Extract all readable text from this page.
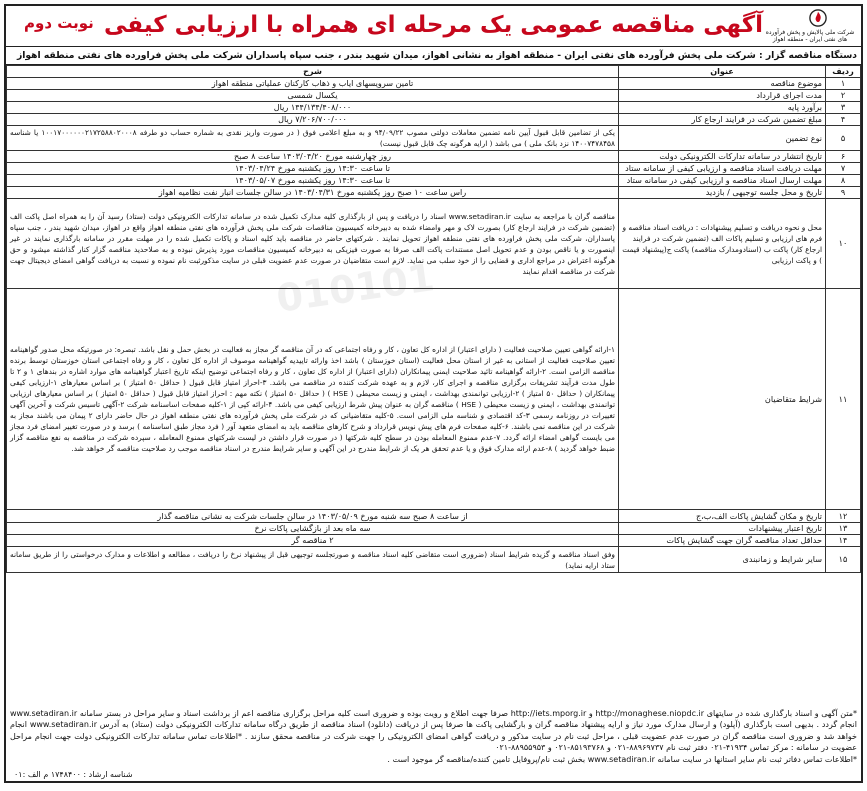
شرکت ملی پالایش و پخش فرآورده های نفتی ایران - منطقه اهواز
آگهی مناقصه عمومی یک مرحله ای همراه با ارزیابی کیفی
نوبت دوم
دستگاه مناقصه گزار : شرکت ملی پخش فرآورده های نفتی ایران - منطقه اهواز به نشانی اهواز، میدان شهید بندر ، جنب سپاه پاسداران شرکت ملی پخش فراورده های نفتی منطقه اهواز
010101
ردیف	عنوان	شرح
۱	موضوع مناقصه	تامین سرویسهای ایاب و ذهاب کارکنان عملیاتی منطقه اهواز
۲	مدت اجرای قرارداد	یکسال شمسی
۳	برآورد پایه	۱۴۴/۱۳۴/۴۰۸/۰۰۰ ریال
۴	مبلغ تضمین شرکت در فرایند ارجاع کار	۷/۲۰۶/۷۰۰/۰۰۰ ریال
۵	نوع تضمین	یکی از تضامین قابل قبول آیین نامه تضمین معاملات دولتی مصوب ۹۴/۰۹/۲۲ و به مبلغ اعلامی فوق ( در صورت واریز نقدی به شماره حساب دو طرفه ۱۰۰۱۷۰۰۰۰۰۰۲۱۷۲۵۸۸۰۲۰۰۰۸ یا شناسه ۱۴۰۰۷۴۷۸۴۵۸ نزد بانک ملی ) می باشد ( ارایه هرگونه چک قابل قبول نیست)
۶	تاریخ انتشار در سامانه تدارکات الکترونیکی دولت	روز چهارشنبه مورخ ۱۴۰۳/۰۴/۲۰ ساعت ۸ صبح
۷	مهلت دریافت اسناد مناقصه و ارزیابی کیفی از سامانه ستاد	تا ساعت ۱۴:۳۰ روز یکشنبه مورخ ۱۴۰۳/۰۴/۲۴
۸	مهلت ارسال اسناد مناقصه و ارزیابی کیفی در سامانه ستاد	تا ساعت ۱۴:۳۰ روز یکشنبه مورخ ۱۴۰۳/۰۵/۰۷
۹	تاریخ و محل جلسه توجیهی / بازدید	راس ساعت ۱۰ صبح روز یکشنبه مورخ ۱۴۰۳/۰۴/۳۱ در سالن جلسات انبار نفت نظامیه اهواز
۱۰	محل و نحوه دریافت و تسلیم پیشنهادات : دریافت اسناد مناقصه و فرم های ارزیابی و تسلیم پاکات الف (تضمین شرکت در فرایند ارجاع کار) پاکت ب (اسنادومدارک مناقصه) پاکت ج(پیشنهاد قیمت ) و پاکت ارزیابی	مناقصه گران با مراجعه به سایت www.setadiran.ir اسناد را دریافت و پس از بارگذاری کلیه مدارک تکمیل شده در سامانه تدارکات الکترونیکی دولت (ستاد) رسید آن را به همراه اصل پاکت الف (تضمین شرکت در فرایند ارجاع کار) بصورت لاک و مهر وامضاء شده به دبیرخانه کمیسیون مناقصات شرکت ملی پخش فرآورده های نفتی منطقه اهواز واقع در اهواز، میدان شهید بندر ، جنب سپاه پاسداران، شرکت ملی پخش فراورده های نفتی منطقه اهواز تحویل نمایند . شرکتهای حاضر در مناقصه باید کلیه اسناد و پاکات تکمیل شده را در مهلت مقرر در سامانه بارگذاری نمایند در غیر اینصورت و یا ناقص بودن و عدم تحویل اصل مستندات پاکت الف صرفا به صورت فیزیکی به دبیرخانه کمیسیون مناقصات مورد پذیرش نبوده و به صلاحدید مناقصه گزار کنار گذاشته میشود و حق هرگونه اعتراض در مراجع اداری و قضایی را از خود سلب می نماید. لازم است متقاضیان در صورت عدم عضویت قبلی در سایت مذکورثبت نام نموده و نسبت به دریافت گواهی امضای دیجیتال جهت شرکت در مناقصه اقدام نمایند
۱۱	شرایط متقاضیان	۱-ارائه گواهی تعیین صلاحیت فعالیت ( دارای اعتبار) از اداره کل تعاون ، کار و رفاه اجتماعی که در آن مناقصه گر مجاز به فعالیت در بخش حمل و نقل باشد. تبصره: در صورتیکه محل صدور گواهینامه تعیین صلاحیت فعالیت از استانی به غیر از استان محل فعالیت (استان خوزستان ) باشد اخذ وارائه تاییدیه گواهینامه موصوف از اداره کل تعاون ، کار و رفاه اجتماعی استان خوزستان توسط برنده مناقصه الزامی است. ۲-ارائه گواهینامه تائید صلاحیت ایمنی پیمانکاران (دارای اعتبار) از اداره کل تعاون ، کار و رفاه اجتماعی توضیح اینکه تاریخ اعتبار گواهینامه های موارد اشاره در بندهای ۱ و ۲ تا طول مدت فرآیند تشریفات برگزاری مناقصه و اجرای کار، لازم و به عهده شرکت کننده در مناقصه می باشد. ۳-احراز امتیاز قابل قبول ( حداقل ۵۰ امتیاز ) بر اساس معیارهای ۱-ارزیابی کیفی پیمانکاران ( حداقل ۵۰ امتیاز ) ۲-ارزیابی توانمندی بهداشت ، ایمنی و زیست محیطی ( HSE ) ( حداقل ۵۰ امتیاز ) نکته مهم : احراز امتیاز قابل قبول ( حداقل ۵۰ امتیاز ) بر اساس معیارهای ارزیابی توانمندی بهداشت ، ایمنی و زیست محیطی ( HSE ) مناقصه گران به عنوان پیش شرط ارزیابی کیفی می باشد. ۴-ارائه کپی از ۱-کلیه صفحات اساسنامه شرکت ۲-آگهی تاسیس شرکت و آخرین آگهی تغییرات در روزنامه رسمی ۳-کد اقتصادی و شناسه ملی الزامی است. ۵-کلیه متقاضیانی که در شرکت ملی پخش فرآورده های نفتی منطقه اهواز در حال حاضر دارای ۲ پیمان می باشند مجاز به شرکت در این مناقصه نمی باشند. ۶-کلیه صفحات فرم های پیش نویس قرارداد و شرح کارهای مناقصه باید به امضای متعهد آور ( فرد مجاز طبق اساسنامه ) برسد و در صورت تغییر امضای فرد مجاز می بایست گواهی امضاء ارائه گردد. ۷-عدم ممنوع المعامله بودن در سطح کلیه شرکتها ( در صورت قرار داشتن در لیست شرکتهای ممنوع المعامله ، سپرده شرکت در مناقصه به نفع مناقصه گزار ضبط خواهد گردید ) ۸-عدم ارائه مدارک فوق و یا عدم تحقق هر یک از شرایط مندرج در این آگهی و سایر شرایط مندرج در اسناد مناقصه موجب رد صلاحیت مناقصه گر خواهد شد.
۱۲	تاریخ و مکان گشایش پاکات الف،ب،ج	از ساعت ۸ صبح سه شنبه مورخ ۱۴۰۳/۰۵/۰۹ در سالن جلسات شرکت به نشانی مناقصه گذار
۱۳	تاریخ اعتبار پیشنهادات	سه ماه بعد از بازگشایی پاکات نرخ
۱۴	حداقل تعداد مناقصه گران جهت گشایش پاکات	۲ مناقصه گر
۱۵	سایر شرایط و زمانبندی	وفق اسناد مناقصه و گزیده شرایط اسناد (ضروری است متقاضی کلیه اسناد مناقصه و صورتجلسه توجیهی قبل از پیشنهاد نرخ را دریافت ، مطالعه و اطلاعات و مدارک درخواستی را از طریق سامانه ستاد ارایه نماید)

*متن آگهی و اسناد بارگذاری شده در سایتهای http://monaghese.niopdc.ir و http://iets.mporg.ir صرفا جهت اطلاع و رویت بوده و ضروری است کلیه مراحل برگزاری مناقصه اعم از برداشت اسناد و سایر مراحل در بستر سامانه www.setadiran.ir انجام گردد . بدیهی است بارگذاری (آپلود) و ارسال مدارک مورد نیاز و ارایه پیشنهاد مناقصه گران و بارگشایی پاکت ها صرفا پس از دریافت (دانلود) اسناد مناقصه از طریق درگاه سامانه تدارکات الکترونیکی دولت (ستاد) به آدرس www.setadiran.ir انجام خواهد شد و ضروری است مناقصه گران در صورت عدم عضویت قبلی ، مراحل ثبت نام در سایت مذکور و دریافت گواهی امضای الکترونیکی را جهت شرکت در مناقصه محقق سازند . *اطلاعات تماس سامانه تدارکات الکترونیکی دولت جهت انجام مراحل عضویت در سامانه : مرکز تماس ۴۱۹۳۴-۰۲۱ دفتر ثبت نام ۸۸۹۶۹۷۳۷-۰۲۱ و ۸۵۱۹۳۷۶۸-۰۲۱ و ۸۸۹۵۵۹۵۳-۰۲۱

*اطلاعات تماس دفاتر ثبت نام سایر استانها در سایت سامانه www.setadiran.ir بخش ثبت نام/پروفایل تامین کننده/مناقصه گر موجود است .

شناسه ارشاد : ۱۷۴۸۴۰۰ م الف :۰۱
